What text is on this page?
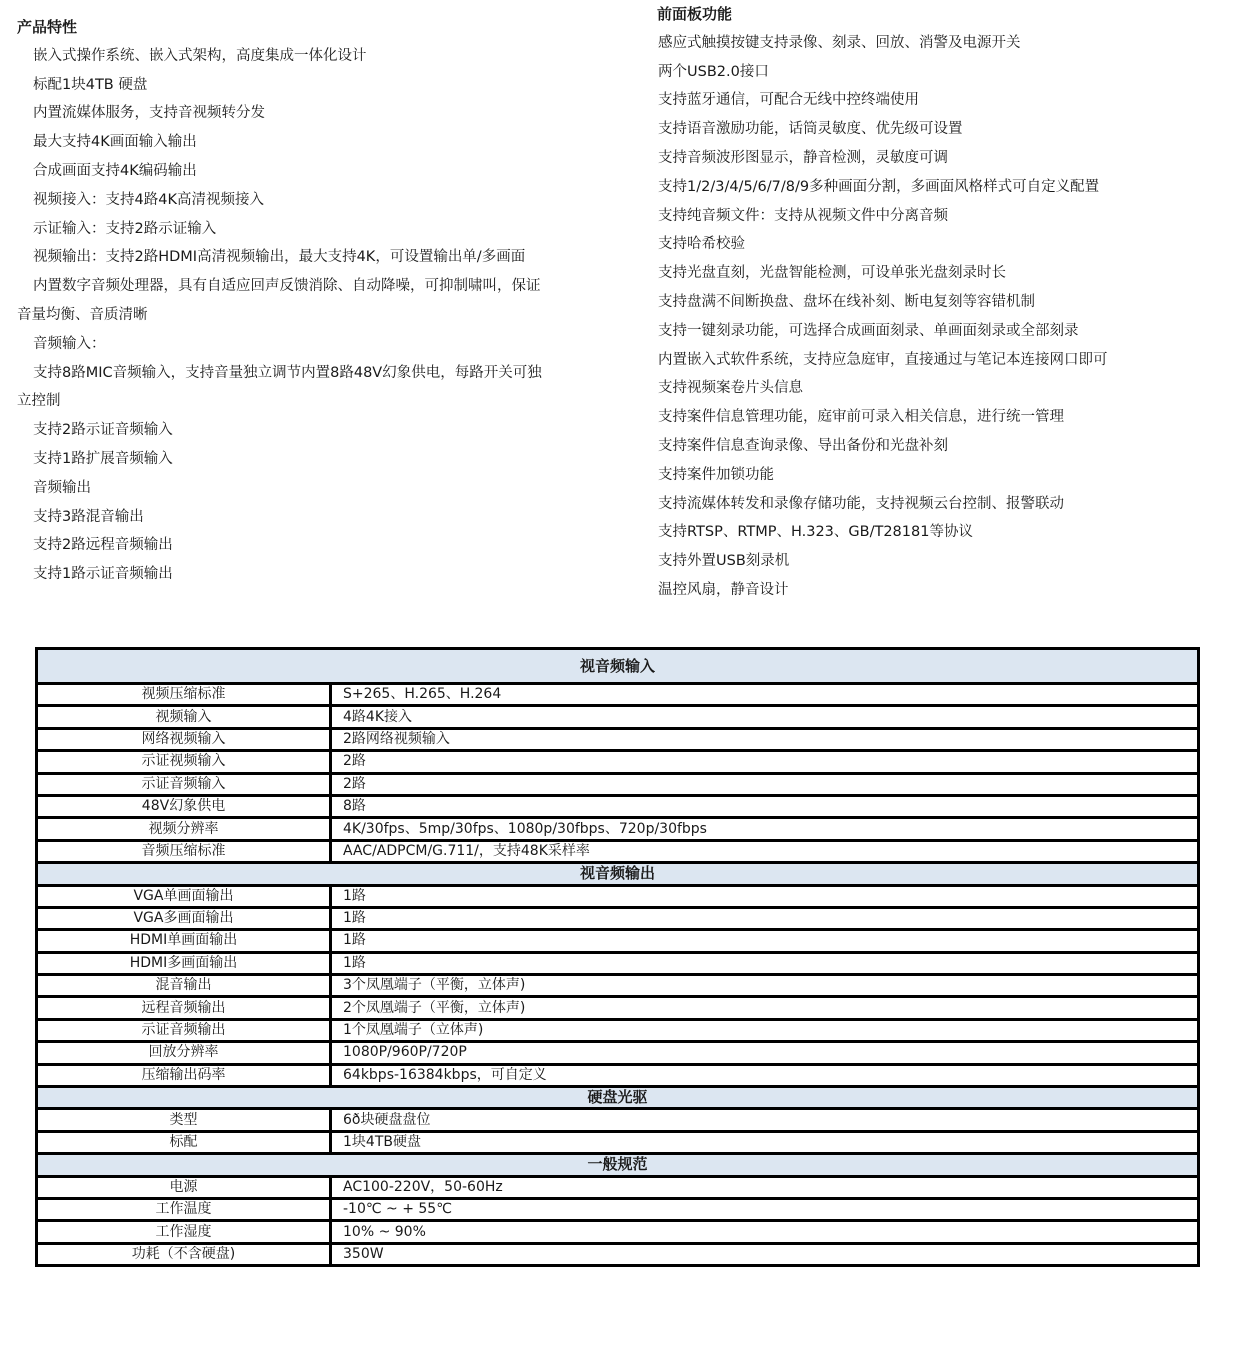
产品特性
嵌入式操作系统、嵌入式架构，高度集成一体化设计
标配1块4TB 硬盘
内置流媒体服务，支持音视频转分发
最大支持4K画面输入输出
合成画面支持4K编码输出
视频接入：支持4路4K高清视频接入
示证输入：支持2路示证输入
视频输出：支持2路HDMI高清视频输出，最大支持4K，可设置输出单/多画面
内置数字音频处理器，具有自适应回声反馈消除、自动降噪，可抑制啸叫，保证
音量均衡、音质清晰
音频输入：
支持8路MIC音频输入，支持音量独立调节内置8路48V幻象供电，每路开关可独
立控制
支持2路示证音频输入
支持1路扩展音频输入
音频输出
支持3路混音输出
支持2路远程音频输出
支持1路示证音频输出
前面板功能
感应式触摸按键支持录像、刻录、回放、消警及电源开关
两个USB2.0接口
支持蓝牙通信，可配合无线中控终端使用
支持语音激励功能，话筒灵敏度、优先级可设置
支持音频波形图显示，静音检测，灵敏度可调
支持1/2/3/4/5/6/7/8/9多种画面分割，多画面风格样式可自定义配置
支持纯音频文件：支持从视频文件中分离音频
支持哈希校验
支持光盘直刻，光盘智能检测，可设单张光盘刻录时长
支持盘满不间断换盘、盘坏在线补刻、断电复刻等容错机制
支持一键刻录功能，可选择合成画面刻录、单画面刻录或全部刻录
内置嵌入式软件系统，支持应急庭审，直接通过与笔记本连接网口即可
支持视频案卷片头信息
支持案件信息管理功能，庭审前可录入相关信息，进行统一管理
支持案件信息查询录像、导出备份和光盘补刻
支持案件加锁功能
支持流媒体转发和录像存储功能，支持视频云台控制、报警联动
支持RTSP、RTMP、H.323、GB/T28181等协议
支持外置USB刻录机
温控风扇，静音设计
视音频输入	
视频压缩标准	S+265、H.265、H.264
视频输入	4路4K接入
网络视频输入	2路网络视频输入
示证视频输入	2路
示证音频输入	2路
48V幻象供电	8路
视频分辨率	4K/30fps、5mp/30fps、1080p/30fbps、720p/30fbps
音频压缩标准	AAC/ADPCM/G.711/，支持48K采样率
视音频输出	
VGA单画面输出	1路
VGA多画面输出	1路
HDMI单画面输出	1路
HDMI多画面输出	1路
混音输出	3个凤凰端子（平衡，立体声)
远程音频输出	2个凤凰端子（平衡，立体声)
示证音频输出	1个凤凰端子（立体声)
回放分辨率	1080P/960P/720P
压缩输出码率	64kbps-16384kbps，可自定义
硬盘光驱	
类型	6ð块硬盘盘位
标配	1块4TB硬盘
一般规范	
电源	AC100-220V，50-60Hz
工作温度	-10℃ ~ + 55℃
工作湿度	10% ~ 90%
功耗（不含硬盘)	350W
